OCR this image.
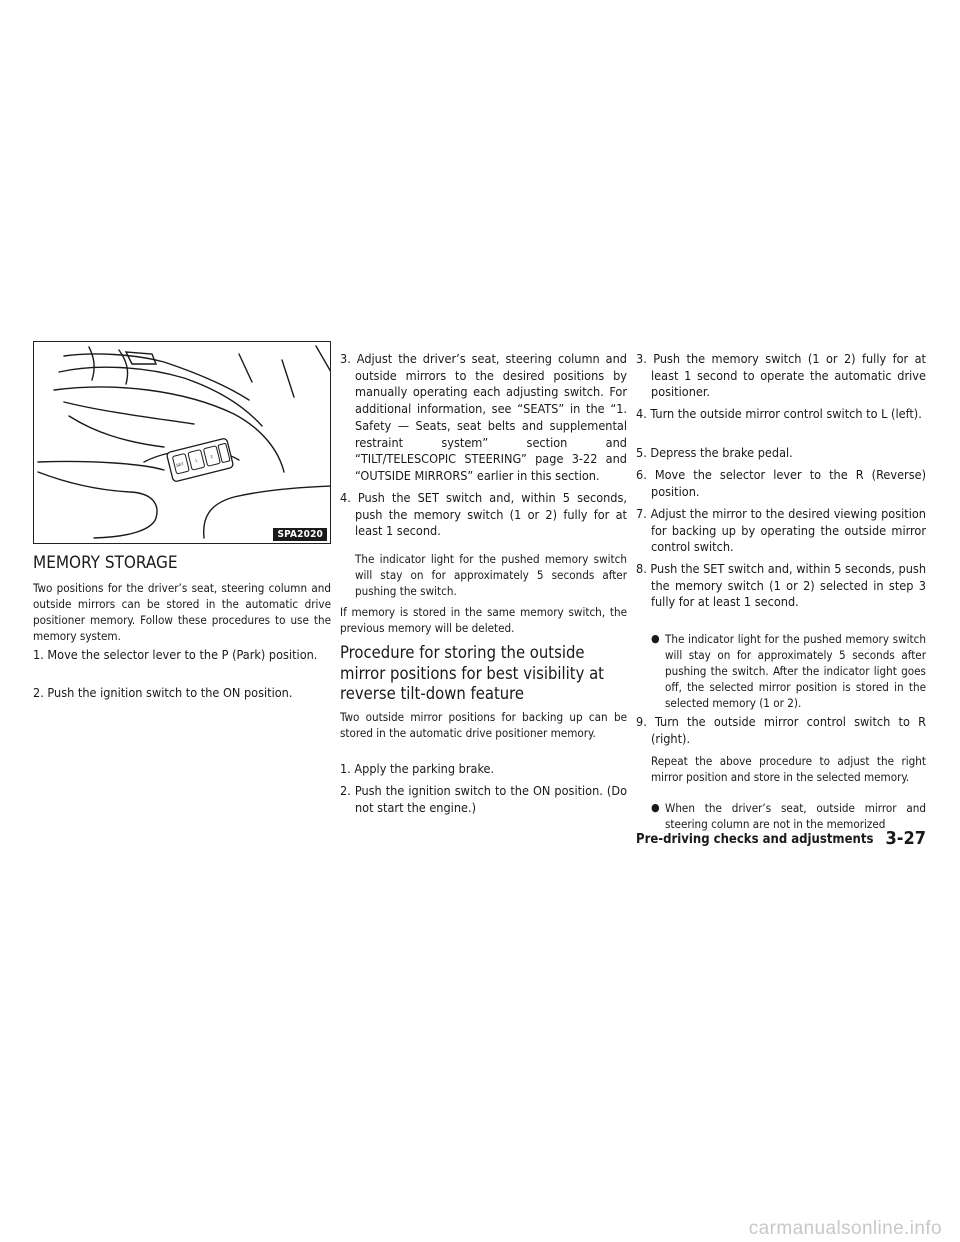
SET
1
2
SPA2020
MEMORY STORAGE

Two positions for the driver’s seat, steering column and outside mirrors can be stored in the automatic drive positioner memory. Follow these procedures to use the memory system.

1. Move the selector lever to the P (Park) position.

2. Push the ignition switch to the ON position.

3. Adjust the driver’s seat, steering column and outside mirrors to the desired positions by manually operating each adjusting switch. For additional information, see “SEATS” in the “1. Safety — Seats, seat belts and supplemental restraint system” section and “TILT/TELESCOPIC STEERING” page 3-22 and “OUTSIDE MIRRORS” earlier in this section.

4. Push the SET switch and, within 5 seconds, push the memory switch (1 or 2) fully for at least 1 second.

The indicator light for the pushed memory switch will stay on for approximately 5 seconds after pushing the switch.

If memory is stored in the same memory switch, the previous memory will be deleted.

Procedure for storing the outside mirror positions for best visibility at reverse tilt-down feature

Two outside mirror positions for backing up can be stored in the automatic drive positioner memory.

1. Apply the parking brake.

2. Push the ignition switch to the ON position. (Do not start the engine.)

3. Push the memory switch (1 or 2) fully for at least 1 second to operate the automatic drive positioner.

4. Turn the outside mirror control switch to L (left).

5. Depress the brake pedal.

6. Move the selector lever to the R (Reverse) position.

7. Adjust the mirror to the desired viewing position for backing up by operating the outside mirror control switch.

8. Push the SET switch and, within 5 seconds, push the memory switch (1 or 2) selected in step 3 fully for at least 1 second.

● The indicator light for the pushed memory switch will stay on for approximately 5 seconds after pushing the switch. After the indicator light goes off, the selected mirror position is stored in the selected memory (1 or 2).

9. Turn the outside mirror control switch to R (right).

Repeat the above procedure to adjust the right mirror position and store in the selected memory.

● When the driver’s seat, outside mirror and steering column are not in the memorized

Pre-driving checks and adjustments 3-27
carmanualsonline.info
